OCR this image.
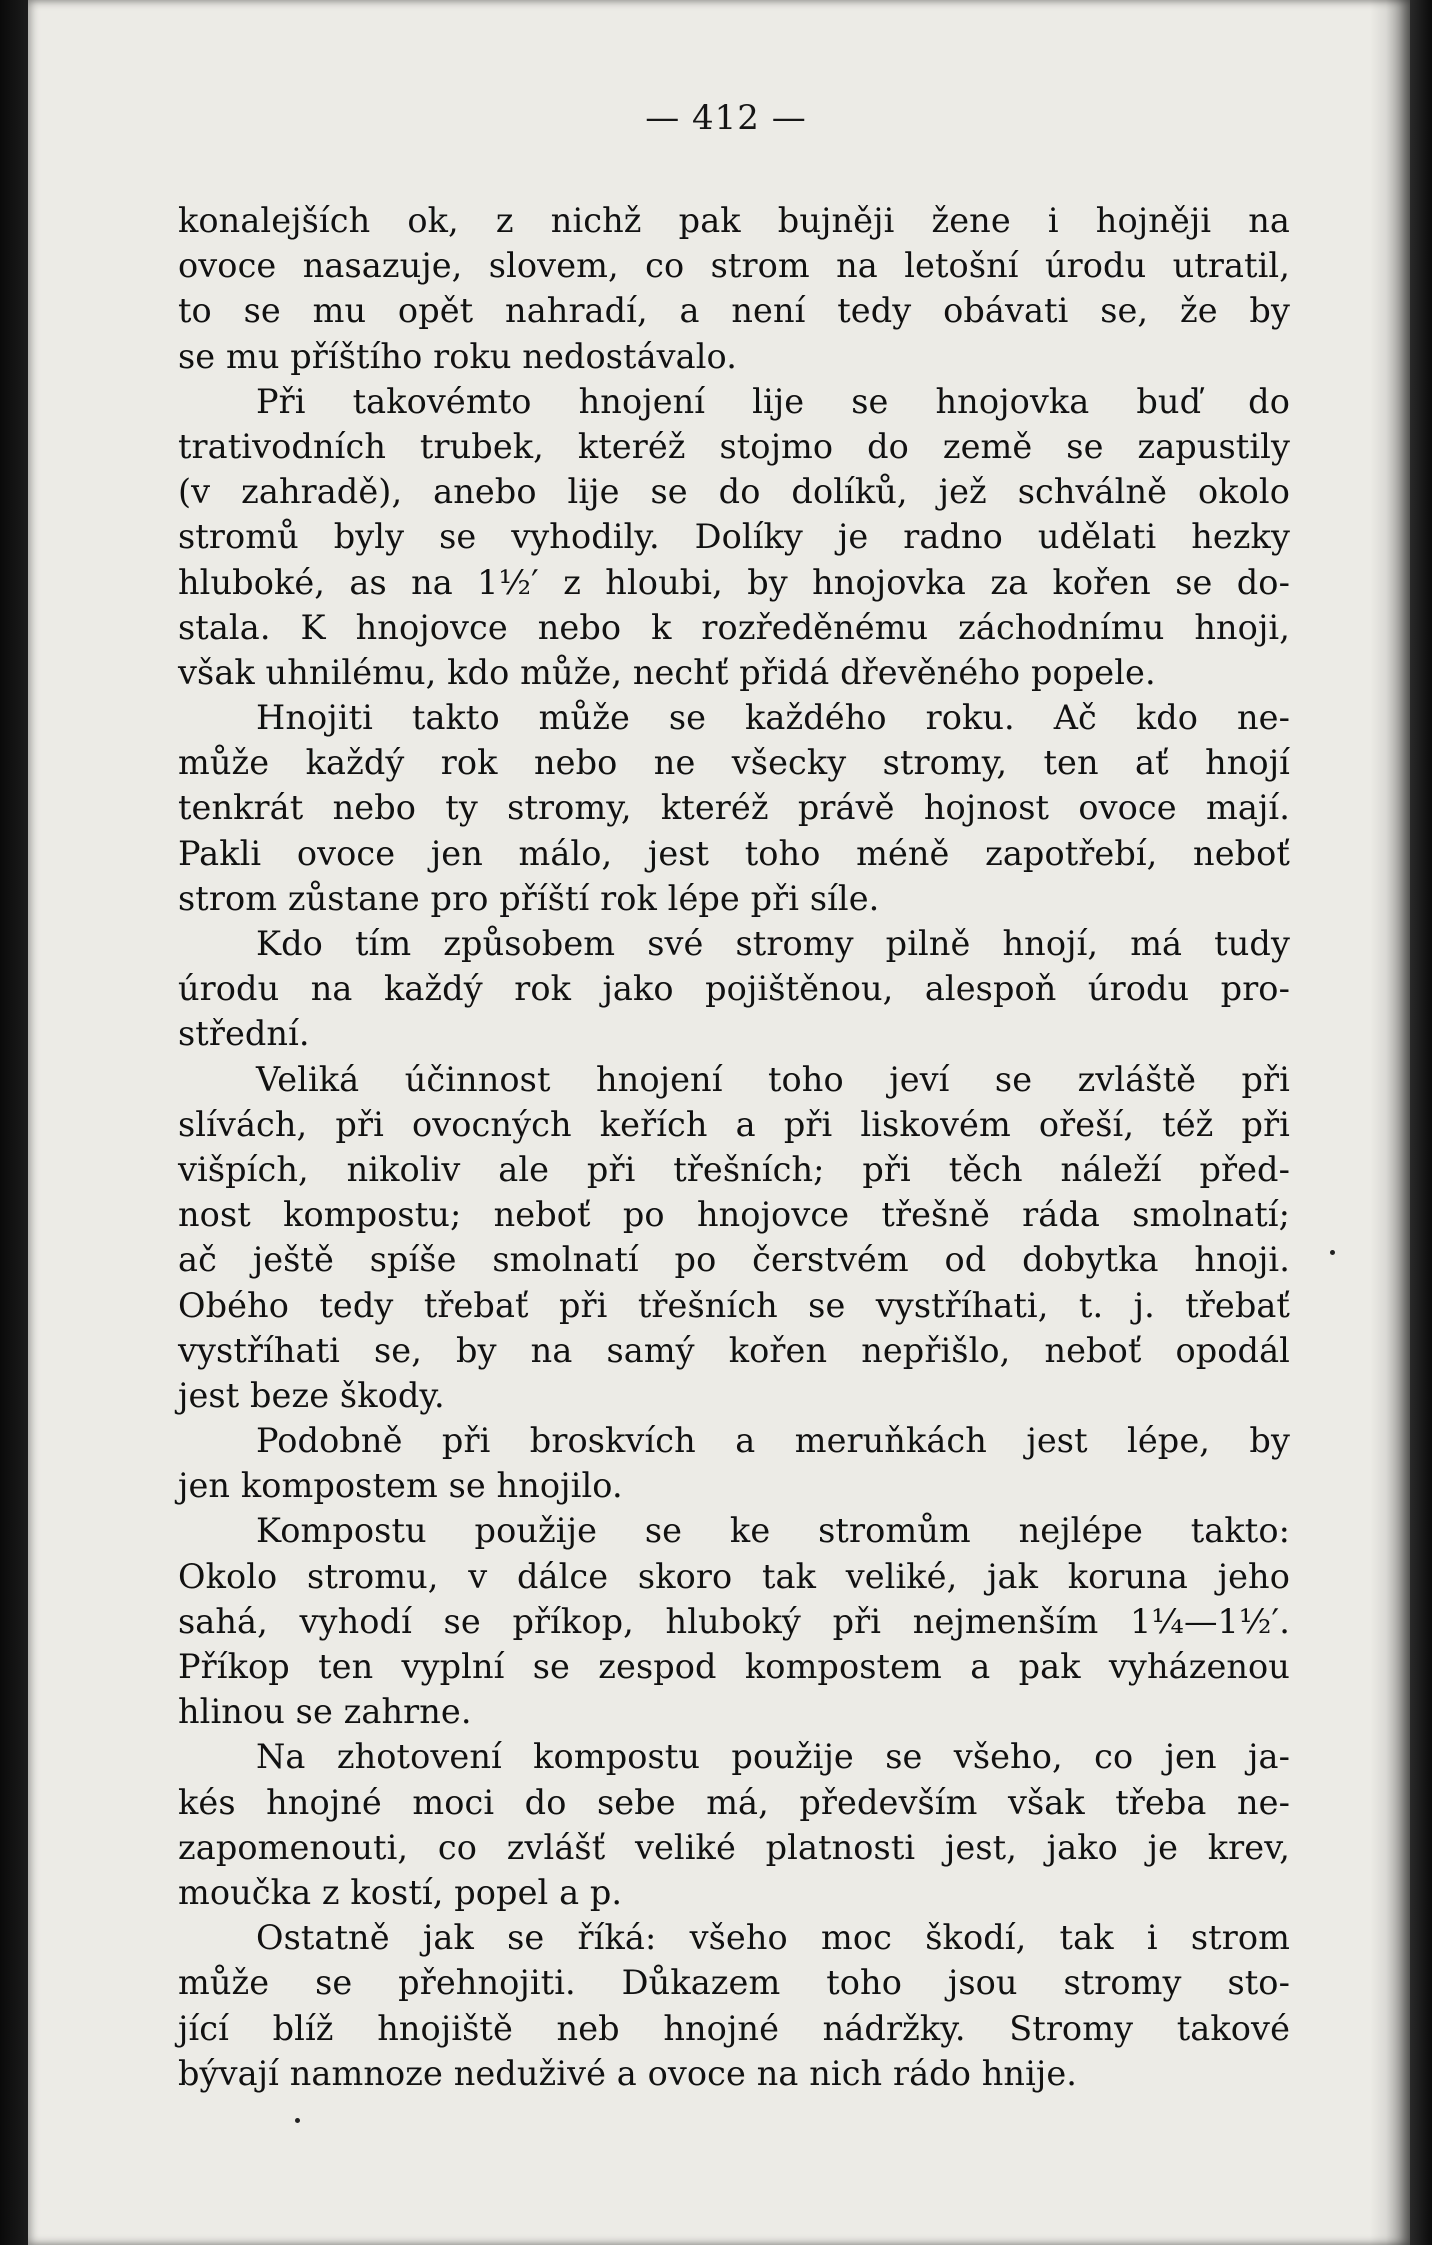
— 412 —
konalejších ok, z nichž pak bujněji žene i hojněji na
ovoce nasazuje, slovem, co strom na letošní úrodu utratil,
to se mu opět nahradí, a není tedy obávati se, že by
se mu příštího roku nedostávalo.
Při takovémto hnojení lije se hnojovka buď do
trativodních trubek, kteréž stojmo do země se zapustily
(v zahradě), anebo lije se do dolíků, jež schválně okolo
stromů byly se vyhodily. Dolíky je radno udělati hezky
hluboké, as na 1½′ z hloubi, by hnojovka za kořen se do-
stala. K hnojovce nebo k rozředěnému záchodnímu hnoji,
však uhnilému, kdo může, nechť přidá dřevěného popele.
Hnojiti takto může se každého roku. Ač kdo ne-
může každý rok nebo ne všecky stromy, ten ať hnojí
tenkrát nebo ty stromy, kteréž právě hojnost ovoce mají.
Pakli ovoce jen málo, jest toho méně zapotřebí, neboť
strom zůstane pro příští rok lépe při síle.
Kdo tím způsobem své stromy pilně hnojí, má tudy
úrodu na každý rok jako pojištěnou, alespoň úrodu pro-
střední.
Veliká účinnost hnojení toho jeví se zvláště při
slívách, při ovocných keřích a při liskovém ořeší, též při
višpích, nikoliv ale při třešních; při těch náleží před-
nost kompostu; neboť po hnojovce třešně ráda smolnatí;
ač ještě spíše smolnatí po čerstvém od dobytka hnoji.
Obého tedy třebať při třešních se vystříhati, t. j. třebať
vystříhati se, by na samý kořen nepřišlo, neboť opodál
jest beze škody.
Podobně při broskvích a meruňkách jest lépe, by
jen kompostem se hnojilo.
Kompostu použije se ke stromům nejlépe takto:
Okolo stromu, v dálce skoro tak veliké, jak koruna jeho
sahá, vyhodí se příkop, hluboký při nejmenším 1¼—1½′.
Příkop ten vyplní se zespod kompostem a pak vyházenou
hlinou se zahrne.
Na zhotovení kompostu použije se všeho, co jen ja-
kés hnojné moci do sebe má, především však třeba ne-
zapomenouti, co zvlášť veliké platnosti jest, jako je krev,
moučka z kostí, popel a p.
Ostatně jak se říká: všeho moc škodí, tak i strom
může se přehnojiti. Důkazem toho jsou stromy sto-
jící blíž hnojiště neb hnojné nádržky. Stromy takové
bývají namnoze neduživé a ovoce na nich rádo hnije.
